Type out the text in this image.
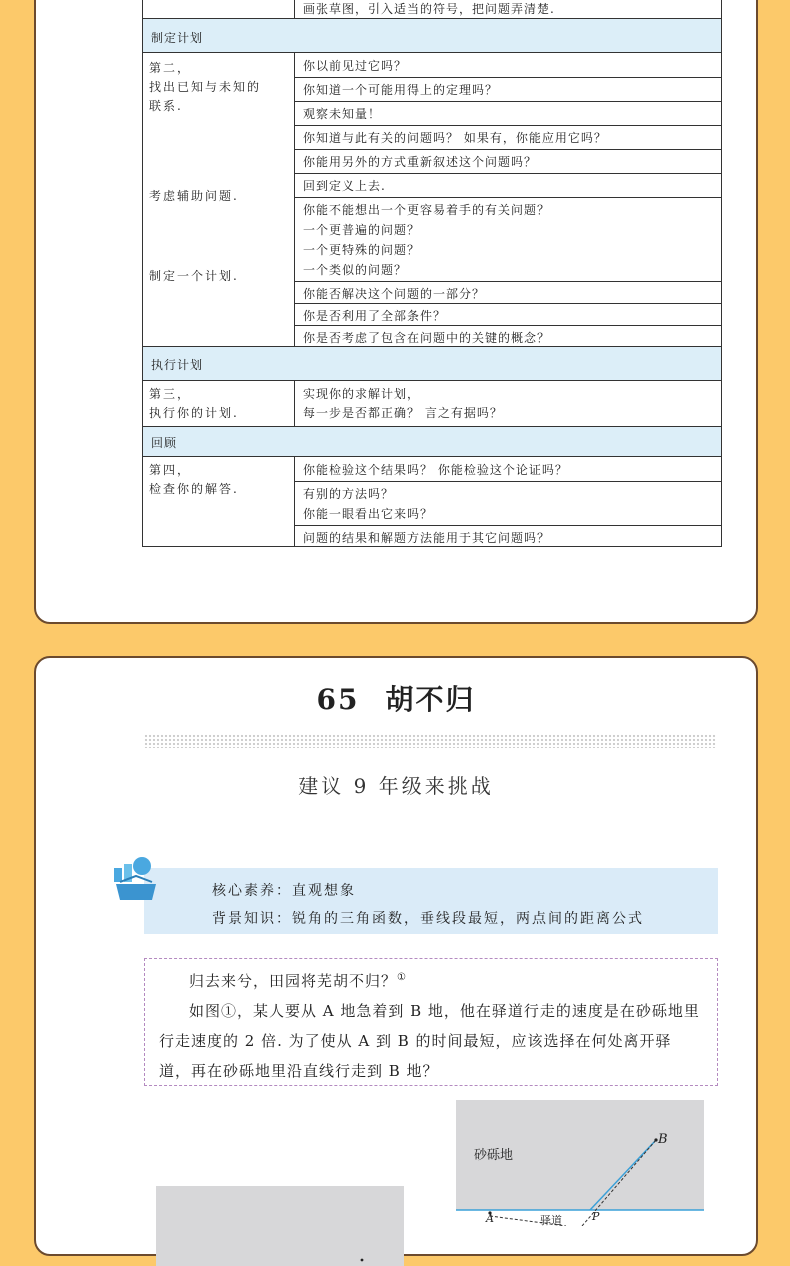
画张草图，引入适当的符号，把问题弄清楚.
制定计划
第二，
找出已知与未知的
联系.
考虑辅助问题.
制定一个计划.
你以前见过它吗？
你知道一个可能用得上的定理吗？
观察未知量！
你知道与此有关的问题吗？ 如果有，你能应用它吗？
你能用另外的方式重新叙述这个问题吗？
回到定义上去.
你能不能想出一个更容易着手的有关问题？
一个更普遍的问题？
一个更特殊的问题？
一个类似的问题？
你能否解决这个问题的一部分？
你是否利用了全部条件？
你是否考虑了包含在问题中的关键的概念？
执行计划
第三，
执行你的计划.
实现你的求解计划，
每一步是否都正确？ 言之有据吗？
回顾
第四，
检查你的解答.
你能检验这个结果吗？ 你能检验这个论证吗？
有别的方法吗？
你能一眼看出它来吗？
问题的结果和解题方法能用于其它问题吗？
65 胡不归
建议 9 年级来挑战

核心素养：直观想象

背景知识：锐角的三角函数，垂线段最短，两点间的距离公式

归去来兮，田园将芜胡不归？①

如图①，某人要从 A 地急着到 B 地，他在驿道行走的速度是在砂砾地里行走速度的 2 倍. 为了使从 A 到 B 的时间最短，应该选择在何处离开驿道，再在砂砾地里沿直线行走到 B 地？

砂砾地
B
A	驿道	P
